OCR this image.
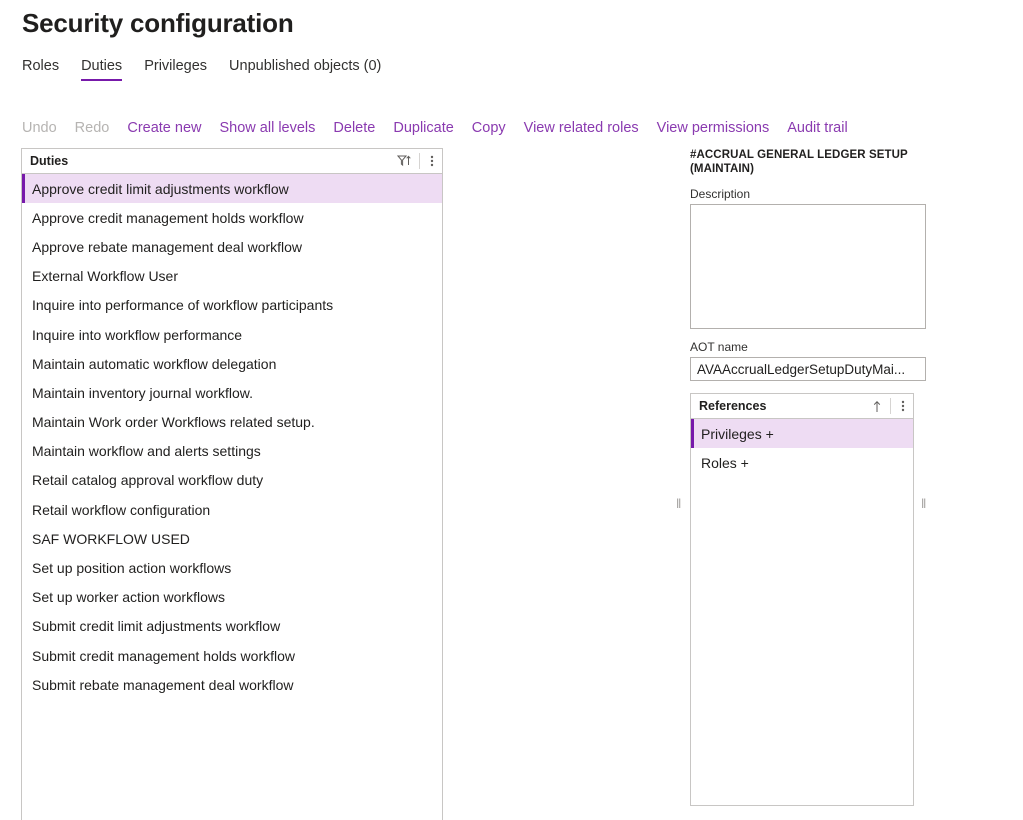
Security configuration
Roles Duties Privileges Unpublished objects (0)
Undo Redo Create new Show all levels Delete Duplicate Copy View related roles View permissions Audit trail
Duties
Approve credit limit adjustments workflow
Approve credit management holds workflow
Approve rebate management deal workflow
External Workflow User
Inquire into performance of workflow participants
Inquire into workflow performance
Maintain automatic workflow delegation
Maintain inventory journal workflow.
Maintain Work order Workflows related setup.
Maintain workflow and alerts settings
Retail catalog approval workflow duty
Retail workflow configuration
SAF WORKFLOW USED
Set up position action workflows
Set up worker action workflows
Submit credit limit adjustments workflow
Submit credit management holds workflow
Submit rebate management deal workflow
‖	‖
#ACCRUAL GENERAL LEDGER SETUP
(MAINTAIN)
Description
AOT name
AVAAccrualLedgerSetupDutyMai...
References
Privileges +
Roles +
